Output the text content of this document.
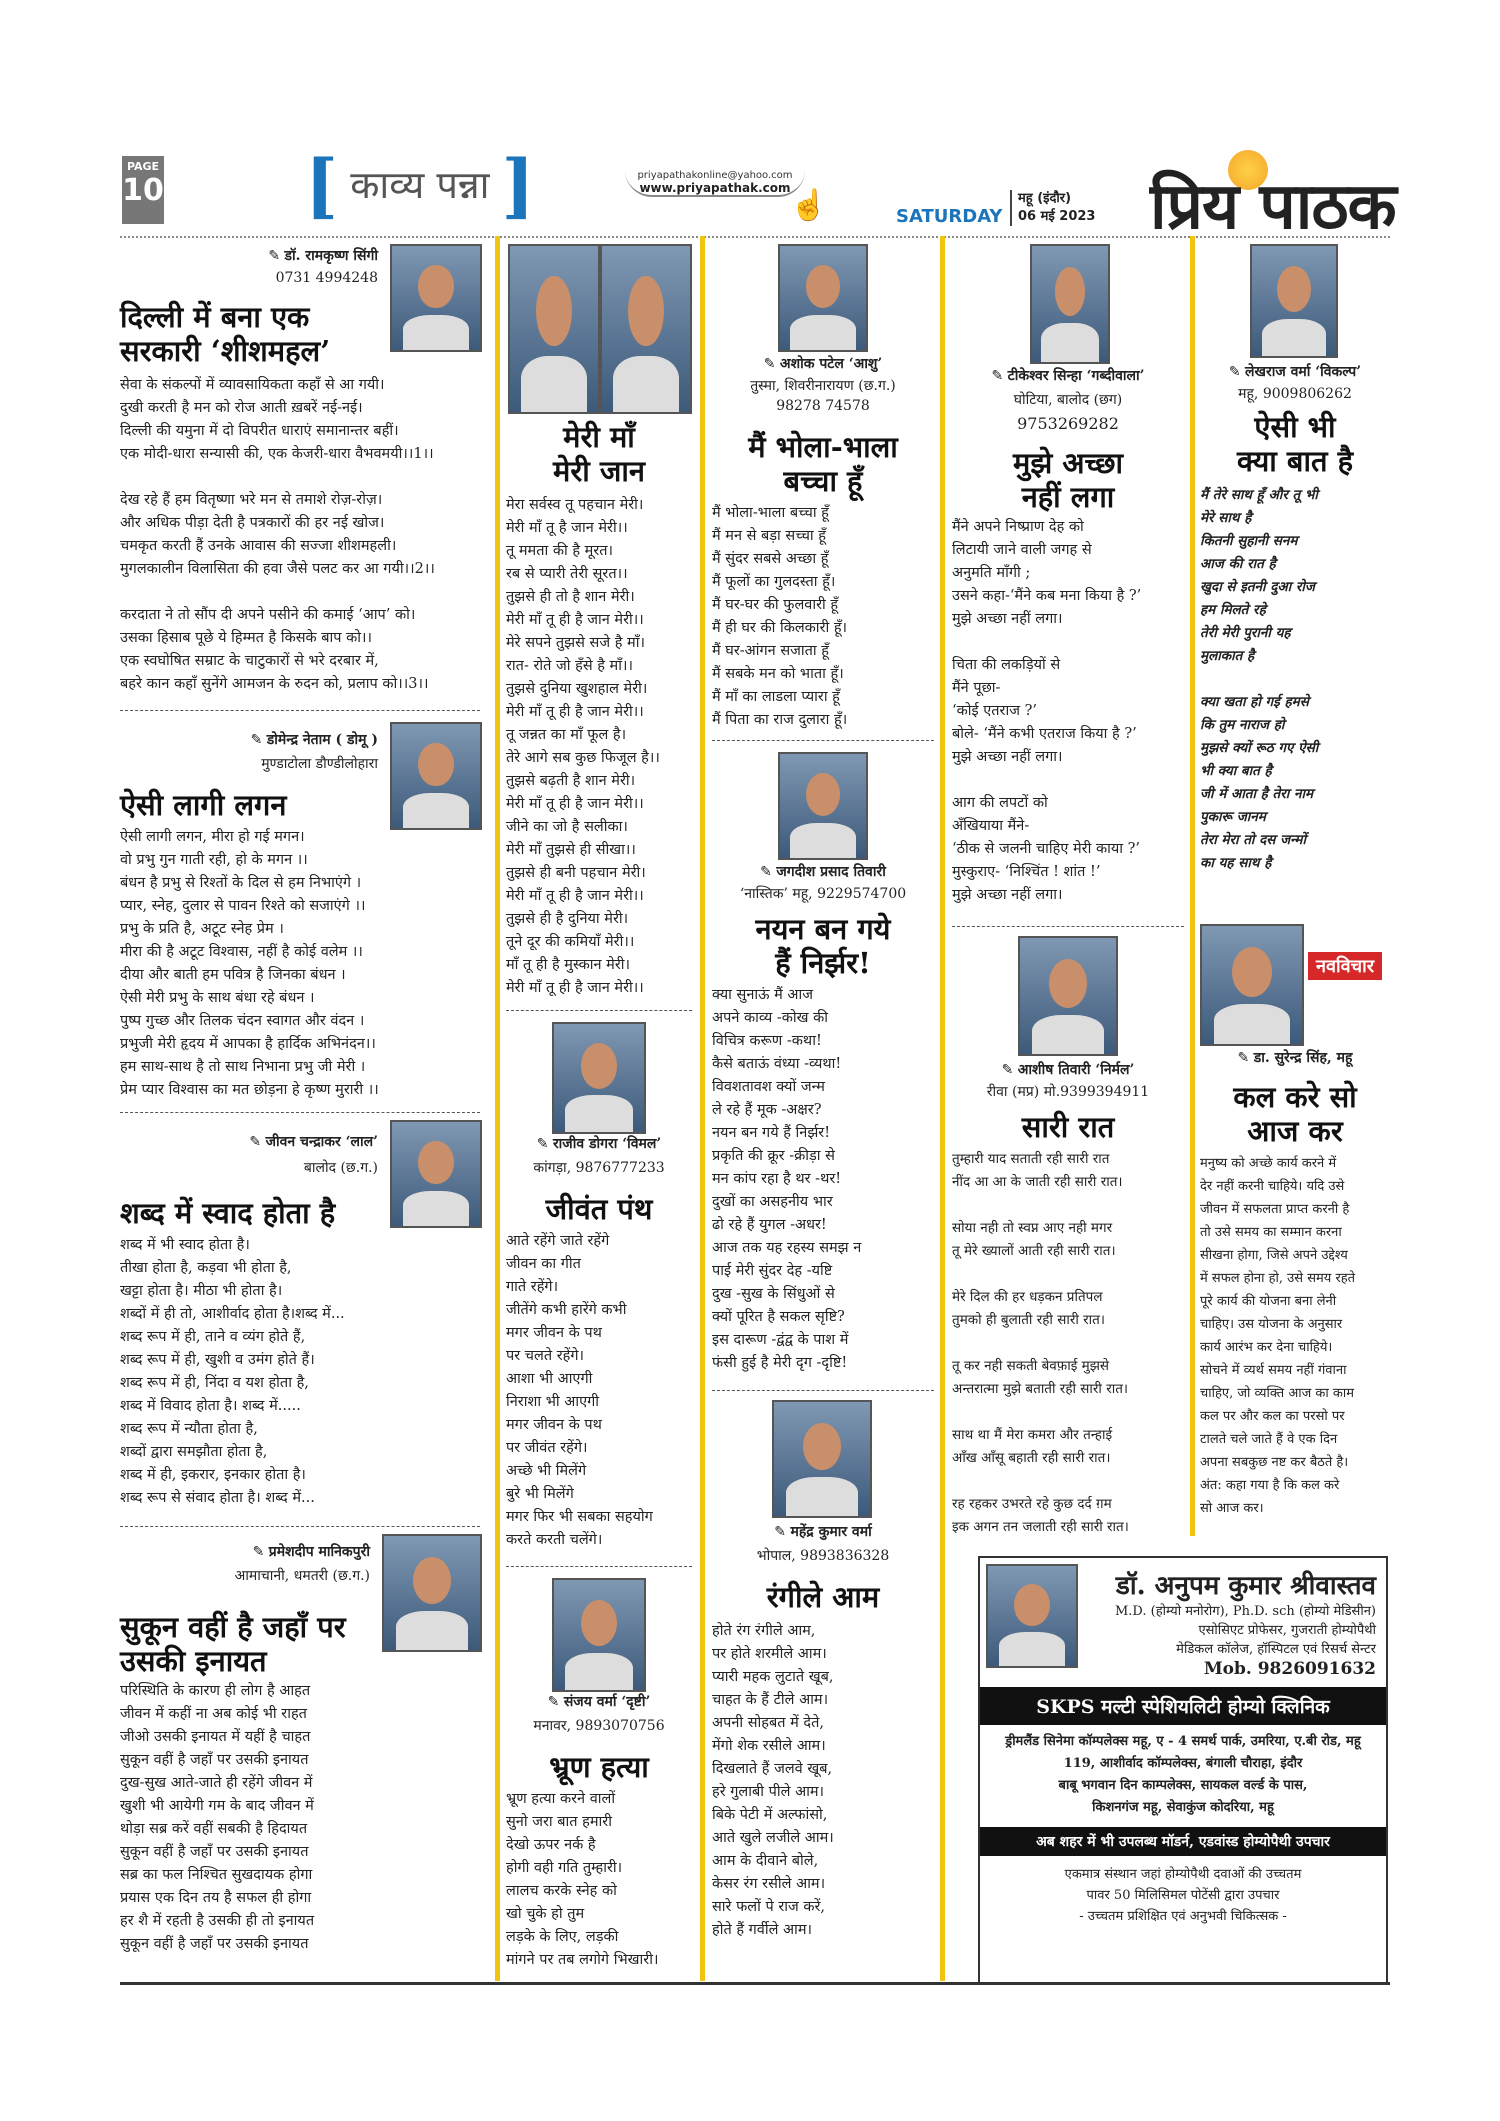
PAGE
10 [ काव्य पन्ना ]	priyapathakonline@yahoo.com
www.priyapathak.com ☝	SATURDAY
महू (इंदौर)
06 मई 2023 प्रिय पाठक
✎ डॉ. रामकृष्ण सिंगी
0731 4994248
दिल्ली में बना एक
सरकारी ‘शीशमहल’
सेवा के संकल्पों में व्यावसायिकता कहाँ से आ गयी।
दुखी करती है मन को रोज आती ख़बरें नई-नई।
दिल्ली की यमुना में दो विपरीत धाराएं समानान्तर बहीं।
एक मोदी-धारा सन्यासी की, एक केजरी-धारा वैभवमयी।।1।।

देख रहे हैं हम वितृष्णा भरे मन से तमाशे रोज़-रोज़।
और अधिक पीड़ा देती है पत्रकारों की हर नई खोज।
चमकृत करती हैं उनके आवास की सज्जा शीशमहली।
मुगलकालीन विलासिता की हवा जैसे पलट कर आ गयी।।2।।

करदाता ने तो सौंप दी अपने पसीने की कमाई ‘आप’ को।
उसका हिसाब पूछे ये हिम्मत है किसके बाप को।।
एक स्वघोषित सम्राट के चाटुकारों से भरे दरबार में,
बहरे कान कहाँ सुनेंगे आमजन के रुदन को, प्रलाप को।।3।।
✎ डोमेन्द्र नेताम ( डोमू )
मुण्डाटोला डौण्डीलोहारा
ऐसी लागी लगन
ऐसी लागी लगन, मीरा हो गई मगन।
वो प्रभु गुन गाती रही, हो के मगन ।।
बंधन है प्रभु से रिश्तों के दिल से हम निभाएंगे ।
प्यार, स्नेह, दुलार से पावन रिश्ते को सजाएंगे ।।
प्रभु के प्रति है, अटूट स्नेह प्रेम ।
मीरा की है अटूट विश्वास, नहीं है कोई वलेम ।।
दीया और बाती हम पवित्र है जिनका बंधन ।
ऐसी मेरी प्रभु के साथ बंधा रहे बंधन ।
पुष्प गुच्छ और तिलक चंदन स्वागत और वंदन ।
प्रभुजी मेरी हृदय में आपका है हार्दिक अभिनंदन।।
हम साथ-साथ है तो साथ निभाना प्रभु जी मेरी ।
प्रेम प्यार विश्वास का मत छोड़ना हे कृष्ण मुरारी ।।
✎ जीवन चन्द्राकर ‘लाल’
बालोद (छ.ग.)
शब्द में स्वाद होता है
शब्द में भी स्वाद होता है।
तीखा होता है, कड़वा भी होता है,
खट्टा होता है। मीठा भी होता है।
शब्दों में ही तो, आशीर्वाद होता है।शब्द में...
शब्द रूप में ही, ताने व व्यंग होते हैं,
शब्द रूप में ही, खुशी व उमंग होते हैं।
शब्द रूप में ही, निंदा व यश होता है,
शब्द में विवाद होता है। शब्द में.....
शब्द रूप में न्यौता होता है,
शब्दों द्वारा समझौता होता है,
शब्द में ही, इकरार, इनकार होता है।
शब्द रूप से संवाद होता है। शब्द में...
✎ प्रमेशदीप मानिकपुरी
आमाचानी, धमतरी (छ.ग.)
सुकून वहीं है जहाँ पर
उसकी इनायत
परिस्थिति के कारण ही लोग है आहत
जीवन में कहीं ना अब कोई भी राहत
जीओ उसकी इनायत में यहीं है चाहत
सुकून वहीं है जहाँ पर उसकी इनायत
दुख-सुख आते-जाते ही रहेंगे जीवन में
खुशी भी आयेगी गम के बाद जीवन में
थोड़ा सब्र करें वहीं सबकी है हिदायत
सुकून वहीं है जहाँ पर उसकी इनायत
सब्र का फल निश्चित सुखदायक होगा
प्रयास एक दिन तय है सफल ही होगा
हर शै में रहती है उसकी ही तो इनायत
सुकून वहीं है जहाँ पर उसकी इनायत
मेरी माँ
मेरी जान
मेरा सर्वस्व तू पहचान मेरी।
मेरी माँ तू है जान मेरी।।
तू ममता की है मूरत।
रब से प्यारी तेरी सूरत।।
तुझसे ही तो है शान मेरी।
मेरी माँ तू ही है जान मेरी।।
मेरे सपने तुझसे सजे है माँ।
रात- रोते जो हँसे है माँ।।
तुझसे दुनिया खुशहाल मेरी।
मेरी माँ तू ही है जान मेरी।।
तू जन्नत का माँ फूल है।
तेरे आगे सब कुछ फिजूल है।।
तुझसे बढ़ती है शान मेरी।
मेरी माँ तू ही है जान मेरी।।
जीने का जो है सलीका।
मेरी माँ तुझसे ही सीखा।।
तुझसे ही बनी पहचान मेरी।
मेरी माँ तू ही है जान मेरी।।
तुझसे ही है दुनिया मेरी।
तूने दूर की कमियाँ मेरी।।
माँ तू ही है मुस्कान मेरी।
मेरी माँ तू ही है जान मेरी।।
✎ राजीव डोगरा ‘विमल’
कांगड़ा, 9876777233
जीवंत पंथ
आते रहेंगे जाते रहेंगे
जीवन का गीत
गाते रहेंगे।
जीतेंगे कभी हारेंगे कभी
मगर जीवन के पथ
पर चलते रहेंगे।
आशा भी आएगी
निराशा भी आएगी
मगर जीवन के पथ
पर जीवंत रहेंगे।
अच्छे भी मिलेंगे
बुरे भी मिलेंगे
मगर फिर भी सबका सहयोग
करते करती चलेंगे।
✎ संजय वर्मा ‘दृष्टी’
मनावर, 9893070756
भ्रूण हत्या
भ्रूण हत्या करने वालों
सुनो जरा बात हमारी
देखो ऊपर नर्क है
होगी वही गति तुम्हारी।
लालच करके स्नेह को
खो चुके हो तुम
लड़के के लिए, लड़की
मांगने पर तब लगोगे भिखारी।
✎ अशोक पटेल ‘आशु’
तुस्मा, शिवरीनारायण (छ.ग.)
98278 74578
मैं भोला-भाला
बच्चा हूँ
मैं भोला-भाला बच्चा हूँ
मैं मन से बड़ा सच्चा हूँ
मैं सुंदर सबसे अच्छा हूँ
मैं फूलों का गुलदस्ता हूँ।
मैं घर-घर की फुलवारी हूँ
मैं ही घर की किलकारी हूँ।
मैं घर-आंगन सजाता हूँ
मैं सबके मन को भाता हूँ।
मैं माँ का लाडला प्यारा हूँ
मैं पिता का राज दुलारा हूँ।
✎ जगदीश प्रसाद तिवारी
‘नास्तिक’ महू, 9229574700
नयन बन गये
हैं निर्झर!
क्या सुनाऊं मैं आज
अपने काव्य -कोख की
विचित्र करूण -कथा!
कैसे बताऊं वंध्या -व्यथा!
विवशतावश क्यों जन्म
ले रहे हैं मूक -अक्षर?
नयन बन गये हैं निर्झर!
प्रकृति की क्रूर -क्रीड़ा से
मन कांप रहा है थर -थर!
दुखों का असहनीय भार
ढो रहे हैं युगल -अधर!
आज तक यह रहस्य समझ न
पाई मेरी सुंदर देह -यष्टि
दुख -सुख के सिंधुओं से
क्यों पूरित है सकल सृष्टि?
इस दारूण -द्वंद्व के पाश में
फंसी हुई है मेरी दृग -दृष्टि!
✎ महेंद्र कुमार वर्मा
भोपाल, 9893836328
रंगीले आम
होते रंग रंगीले आम,
पर होते शरमीले आम।
प्यारी महक लुटाते खूब,
चाहत के हैं टीले आम।
अपनी सोहबत में देते,
मेंगो शेक रसीले आम।
दिखलाते हैं जलवे खूब,
हरे गुलाबी पीले आम।
बिके पेटी में अल्फांसो,
आते खुले लजीले आम।
आम के दीवाने बोले,
केसर रंग रसीले आम।
सारे फलों पे राज करें,
होते हैं गर्वीले आम।
✎ टीकेश्वर सिन्हा ‘गब्दीवाला’
घोटिया, बालोद (छग)
9753269282
मुझे अच्छा
नहीं लगा
मैंने अपने निष्प्राण देह को
लिटायी जाने वाली जगह से
अनुमति माँगी ;
उसने कहा-‘मैंने कब मना किया है ?’
मुझे अच्छा नहीं लगा।

चिता की लकड़ियों से
मैंने पूछा-
‘कोई एतराज ?’
बोले- ‘मैंने कभी एतराज किया है ?’
मुझे अच्छा नहीं लगा।

आग की लपटों को
अँखियाया मैंने-
‘ठीक से जलनी चाहिए मेरी काया ?’
मुस्कुराए- ‘निश्चिंत ! शांत !’
मुझे अच्छा नहीं लगा।
✎ आशीष तिवारी ‘निर्मल’
रीवा (मप्र) मो.9399394911
सारी रात
तुम्हारी याद सताती रही सारी रात
नींद आ आ के जाती रही सारी रात।

सोया नही तो स्वप्न आए नही मगर
तू मेरे ख्यालों आती रही सारी रात।

मेरे दिल की हर धड़कन प्रतिपल
तुमको ही बुलाती रही सारी रात।

तू कर नही सकती बेवफ़ाई मुझसे
अन्तरात्मा मुझे बताती रही सारी रात।

साथ था मैं मेरा कमरा और तन्हाई
आँख आँसू बहाती रही सारी रात।

रह रहकर उभरते रहे कुछ दर्द ग़म
इक अगन तन जलाती रही सारी रात।
✎ लेखराज वर्मा ‘विकल्प’
महू, 9009806262
ऐसी भी
क्या बात है
मैं तेरे साथ हूँ और तू भी
मेरे साथ है
कितनी सुहानी सनम
आज की रात है
खुदा से इतनी दुआ रोज
हम मिलते रहे
तेरी मेरी पुरानी यह
मुलाकात है

क्या खता हो गई हमसे
कि तुम नाराज हो
मुझसे क्यों रूठ गए ऐसी
भी क्या बात है
जी में आता है तेरा नाम
पुकारू जानम
तेरा मेरा तो दस जन्मों
का यह साथ है
नवविचार
✎ डा. सुरेन्द्र सिंह, महू
कल करे सो
आज कर
मनुष्य को अच्छे कार्य करने में
देर नहीं करनी चाहिये। यदि उसे
जीवन में सफलता प्राप्त करनी है
तो उसे समय का सम्मान करना
सीखना होगा, जिसे अपने उद्देश्य
में सफल होना हो, उसे समय रहते
पूरे कार्य की योजना बना लेनी
चाहिए। उस योजना के अनुसार
कार्य आरंभ कर देना चाहिये।
सोचने में व्यर्थ समय नहीं गंवाना
चाहिए, जो व्यक्ति आज का काम
कल पर और कल का परसो पर
टालते चले जाते हैं वे एक दिन
अपना सबकुछ नष्ट कर बैठते है।
अंत: कहा गया है कि कल करे
सो आज कर।
डॉ. अनुपम कुमार श्रीवास्तव
M.D. (होम्यो मनोरोग), Ph.D. sch (होम्यो मेडिसीन)
एसोसिएट प्रोफेसर, गुजराती होम्योपैथी
मेडिकल कॉलेज, हॉस्पिटल एवं रिसर्च सेन्टर
Mob. 9826091632
SKPS मल्टी स्पेशियलिटी होम्यो क्लिनिक
ड्रीमलैंड सिनेमा कॉम्पलेक्स महू, ए - 4 समर्थ पार्क, उमरिया, ए.बी रोड, महू
119, आशीर्वाद कॉम्पलेक्स, बंगाली चौराहा, इंदौर
बाबू भगवान दिन काम्पलेक्स, सायकल वर्ल्ड के पास,
किशनगंज महू, सेवाकुंज कोदरिया, महू
अब शहर में भी उपलब्ध मॉडर्न, एडवांस्ड होम्योपैथी उपचार
एकमात्र संस्थान जहां होम्योपैथी दवाओं की उच्चतम
पावर 50 मिलिसिमल पोटेंसी द्वारा उपचार
- उच्चतम प्रशिक्षित एवं अनुभवी चिकित्सक -
